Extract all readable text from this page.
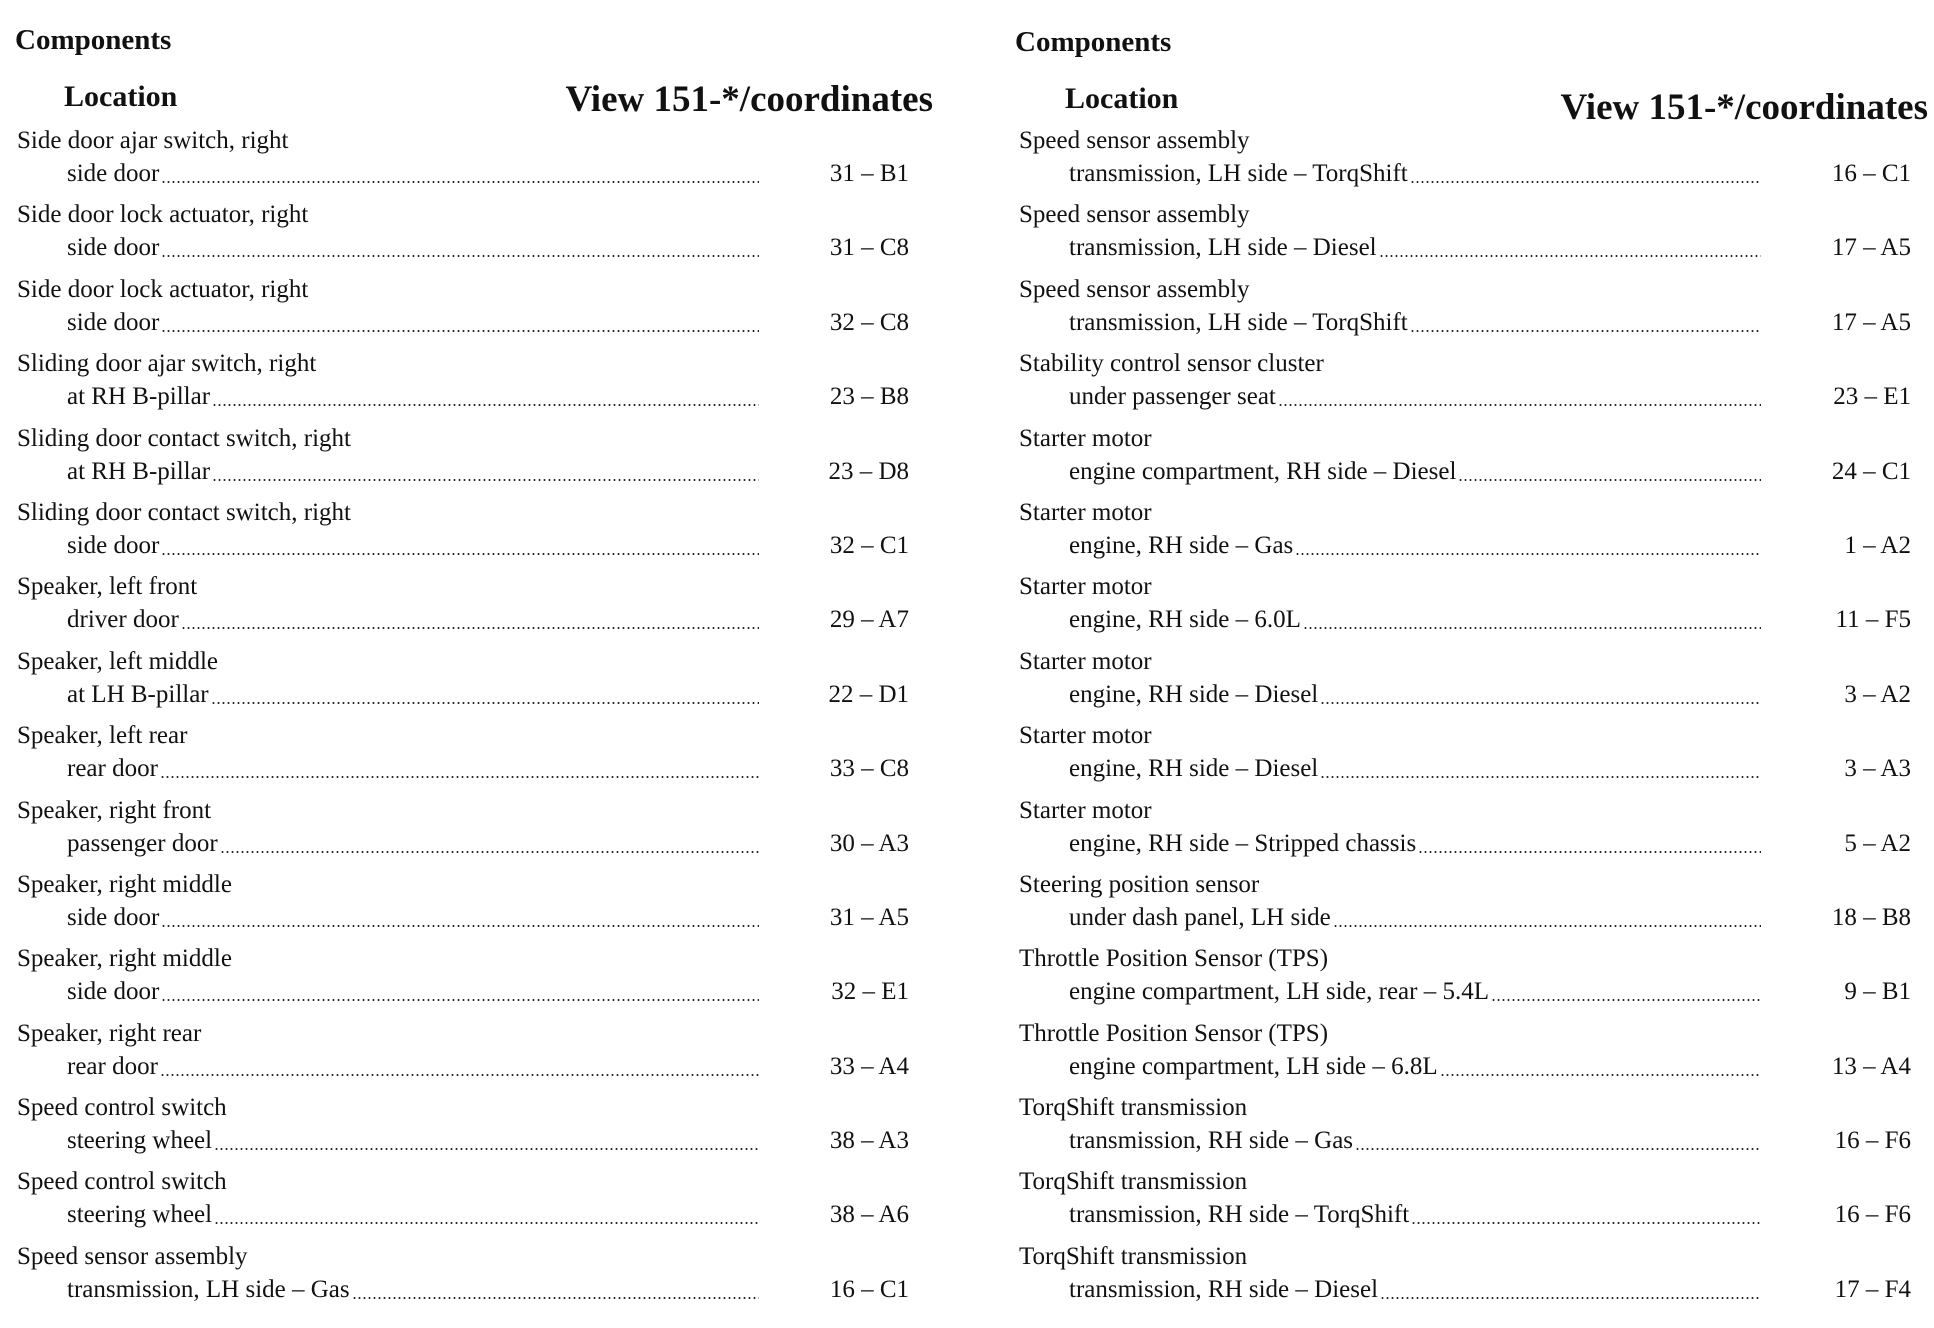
Components
Location	View 151-*/coordinates
Side door ajar switch, right
side door	31 – B1
Side door lock actuator, right
side door	31 – C8
Side door lock actuator, right
side door	32 – C8
Sliding door ajar switch, right
at RH B-pillar	23 – B8
Sliding door contact switch, right
at RH B-pillar	23 – D8
Sliding door contact switch, right
side door	32 – C1
Speaker, left front
driver door	29 – A7
Speaker, left middle
at LH B-pillar	22 – D1
Speaker, left rear
rear door	33 – C8
Speaker, right front
passenger door	30 – A3
Speaker, right middle
side door	31 – A5
Speaker, right middle
side door	32 – E1
Speaker, right rear
rear door	33 – A4
Speed control switch
steering wheel	38 – A3
Speed control switch
steering wheel	38 – A6
Speed sensor assembly
transmission, LH side – Gas	16 – C1
Components
Location	View 151-*/coordinates
Speed sensor assembly
transmission, LH side – TorqShift	16 – C1
Speed sensor assembly
transmission, LH side – Diesel	17 – A5
Speed sensor assembly
transmission, LH side – TorqShift	17 – A5
Stability control sensor cluster
under passenger seat	23 – E1
Starter motor
engine compartment, RH side – Diesel	24 – C1
Starter motor
engine, RH side – Gas	1 – A2
Starter motor
engine, RH side – 6.0L	11 – F5
Starter motor
engine, RH side – Diesel	3 – A2
Starter motor
engine, RH side – Diesel	3 – A3
Starter motor
engine, RH side – Stripped chassis	5 – A2
Steering position sensor
under dash panel, LH side	18 – B8
Throttle Position Sensor (TPS)
engine compartment, LH side, rear – 5.4L	9 – B1
Throttle Position Sensor (TPS)
engine compartment, LH side – 6.8L	13 – A4
TorqShift transmission
transmission, RH side – Gas	16 – F6
TorqShift transmission
transmission, RH side – TorqShift	16 – F6
TorqShift transmission
transmission, RH side – Diesel	17 – F4
